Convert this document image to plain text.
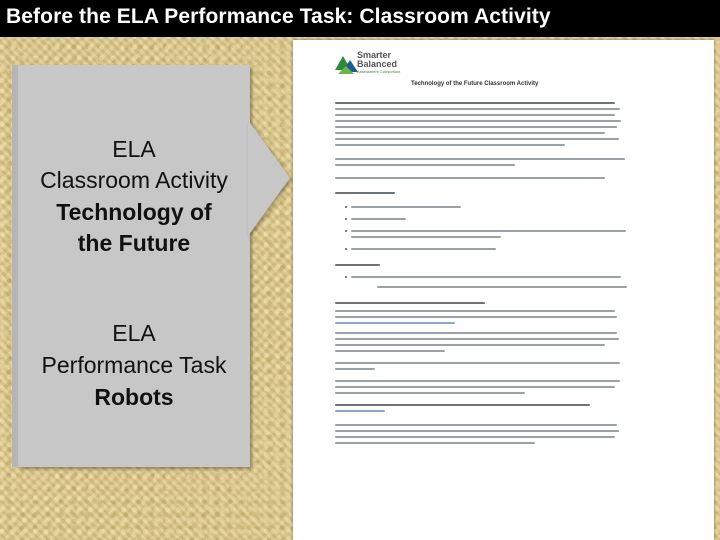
Before the ELA Performance Task: Classroom Activity
ELA
Classroom Activity
Technology of
the Future
ELA
Performance Task
Robots
Smarter
Balanced
Assessment Consortium
Technology of the Future Classroom Activity
